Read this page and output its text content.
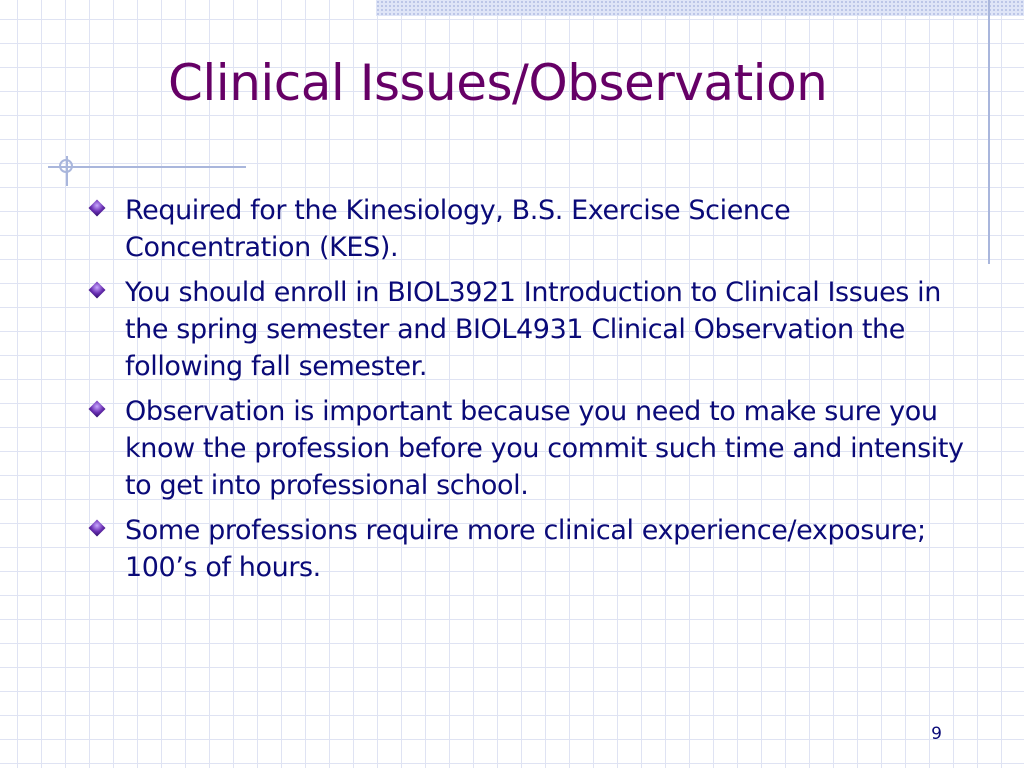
Clinical Issues/Observation
Required for the Kinesiology, B.S. Exercise Science Concentration (KES).
You should enroll in BIOL3921 Introduction to Clinical Issues in the spring semester and BIOL4931 Clinical Observation the following fall semester.
Observation is important because you need to make sure you know the profession before you commit such time and intensity to get into professional school.
Some professions require more clinical experience/exposure; 100’s of hours.
9
